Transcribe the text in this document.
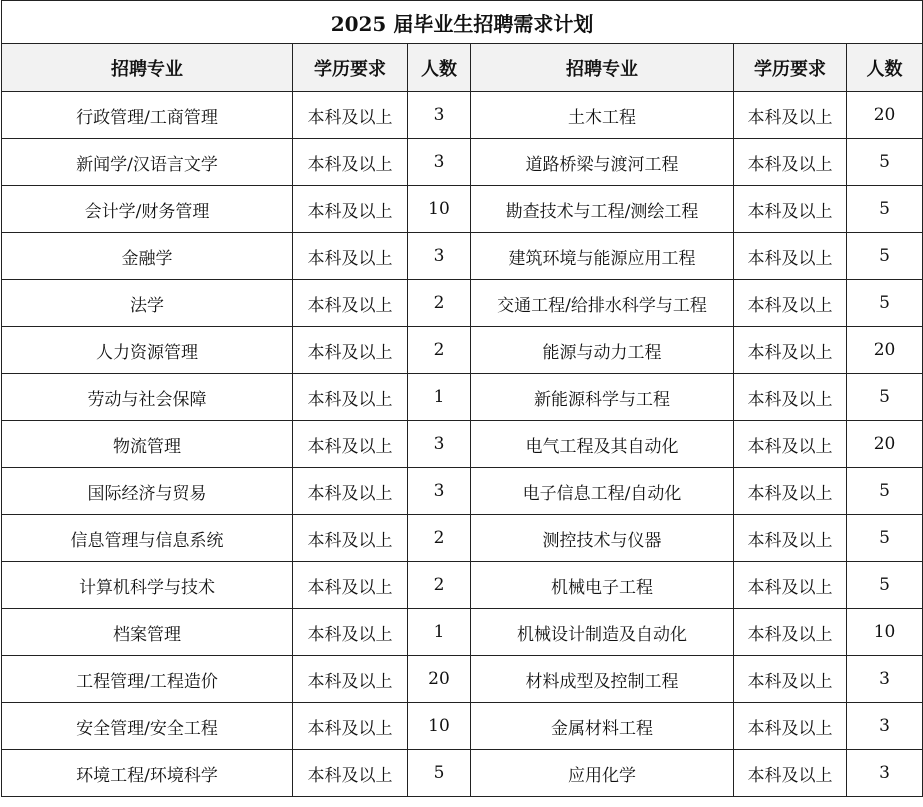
2025 届毕业生招聘需求计划					
招聘专业	学历要求	人数	招聘专业	学历要求	人数
行政管理/工商管理	本科及以上	3	土木工程	本科及以上	20
新闻学/汉语言文学	本科及以上	3	道路桥梁与渡河工程	本科及以上	5
会计学/财务管理	本科及以上	10	勘查技术与工程/测绘工程	本科及以上	5
金融学	本科及以上	3	建筑环境与能源应用工程	本科及以上	5
法学	本科及以上	2	交通工程/给排水科学与工程	本科及以上	5
人力资源管理	本科及以上	2	能源与动力工程	本科及以上	20
劳动与社会保障	本科及以上	1	新能源科学与工程	本科及以上	5
物流管理	本科及以上	3	电气工程及其自动化	本科及以上	20
国际经济与贸易	本科及以上	3	电子信息工程/自动化	本科及以上	5
信息管理与信息系统	本科及以上	2	测控技术与仪器	本科及以上	5
计算机科学与技术	本科及以上	2	机械电子工程	本科及以上	5
档案管理	本科及以上	1	机械设计制造及自动化	本科及以上	10
工程管理/工程造价	本科及以上	20	材料成型及控制工程	本科及以上	3
安全管理/安全工程	本科及以上	10	金属材料工程	本科及以上	3
环境工程/环境科学	本科及以上	5	应用化学	本科及以上	3
